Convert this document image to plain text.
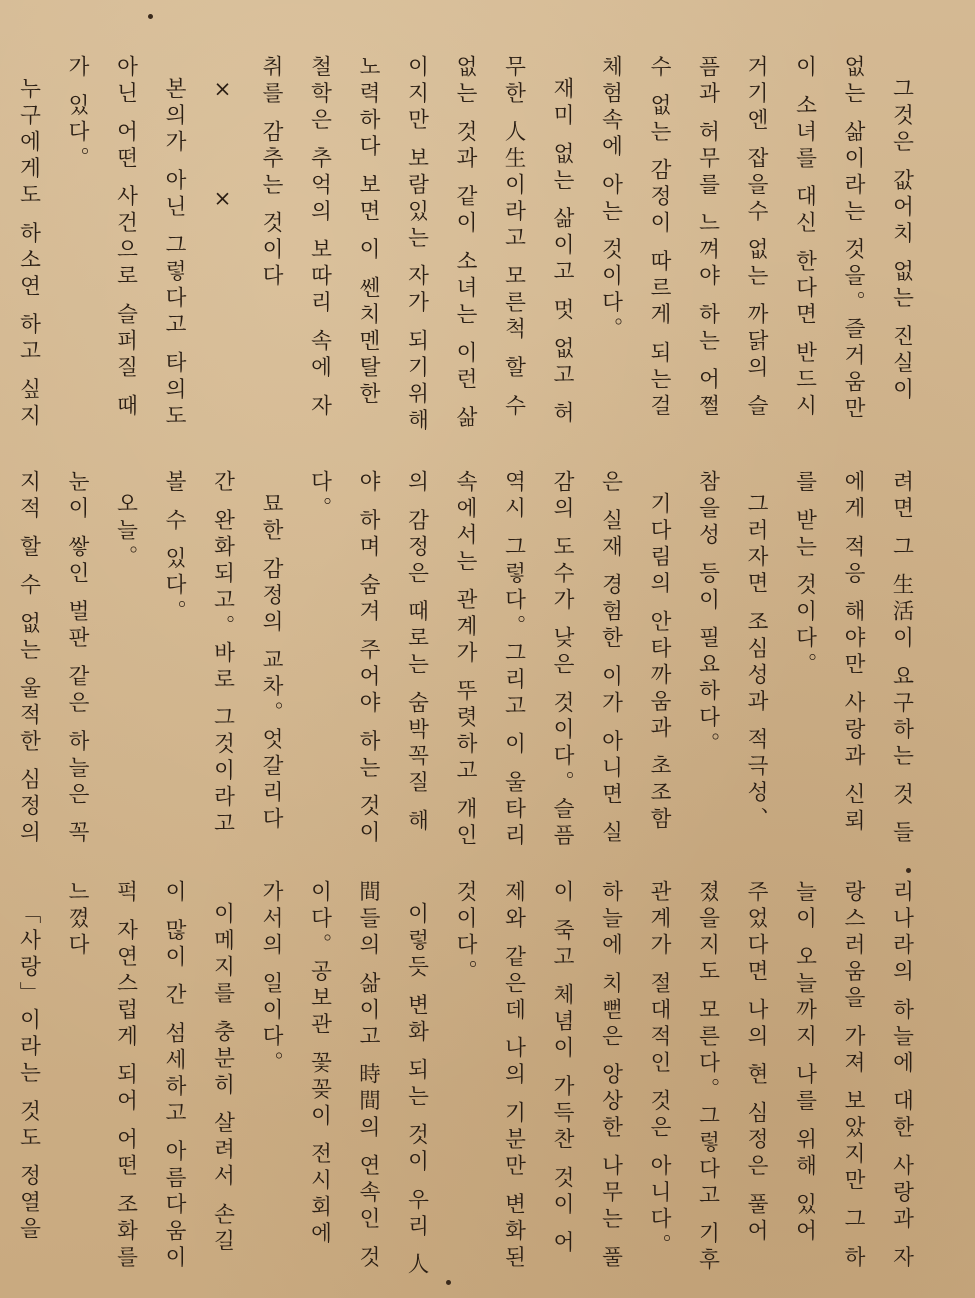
그것은 값어치 없는 진실이 없는 삶이라는 것을。즐거움만이 소녀를 대신 한다면 반드시 거기엔 잡을수 없는 까닭의 슬픔과 허무를 느껴야 하는 어쩔 수 없는 감정이 따르게 되는걸 체험속에 아는 것이다。

재미 없는 삶이고 멋 없고 허무한 人生이라고 모른척 할 수 없는 것과 같이 소녀는 이런 삶이지만 보람있는 자가 되기위해 노력하다 보면 이 쎈치멘탈한 철학은 추억의 보따리 속에 자취를 감추는 것이다

×　　　×

본의가 아닌 그렇다고 타의도 아닌 어떤 사건으로 슬퍼질 때가 있다。

누구에게도 하소연 하고 싶지

려면 그 生活이 요구하는 것 들에게 적응 해야만 사랑과 신뢰를 받는 것이다。

그러자면 조심성과 적극성、참을성 등이 필요하다。

기다림의 안타까움과 초조함은 실재 경험한 이가 아니면 실감의 도수가 낮은 것이다。슬픔 역시 그렇다。그리고 이 울타리 속에서는 관계가 뚜렷하고 개인의 감정은 때로는 숨박꼭질 해야 하며 숨겨 주어야 하는 것이다。

묘한 감정의 교차。엇갈리다간 완화되고。바로 그것이라고 볼 수 있다。

오늘。

눈이 쌓인 벌판 같은 하늘은 꼭 지적 할 수 없는 울적한 심정의

리나라의 하늘에 대한 사랑과 자랑스러움을 가져 보았지만 그 하늘이 오늘까지 나를 위해 있어 주었다면 나의 현 심정은 풀어 졌을지도 모른다。그렇다고 기후관계가 절대적인 것은 아니다。하늘에 치뻗은 앙상한 나무는 풀이 죽고 체념이 가득찬 것이 어제와 같은데 나의 기분만 변화된 것이다。

이렇듯 변화 되는 것이 우리 人間들의 삶이고 時間의 연속인 것이다。공보관 꽃꽂이 전시회에 가서의 일이다。

이메지를 충분히 살려서 손길이 많이 간 섬세하고 아름다움이 퍽 자연스럽게 되어 어떤 조화를 느꼈다

「사랑」이라는 것도 정열을
